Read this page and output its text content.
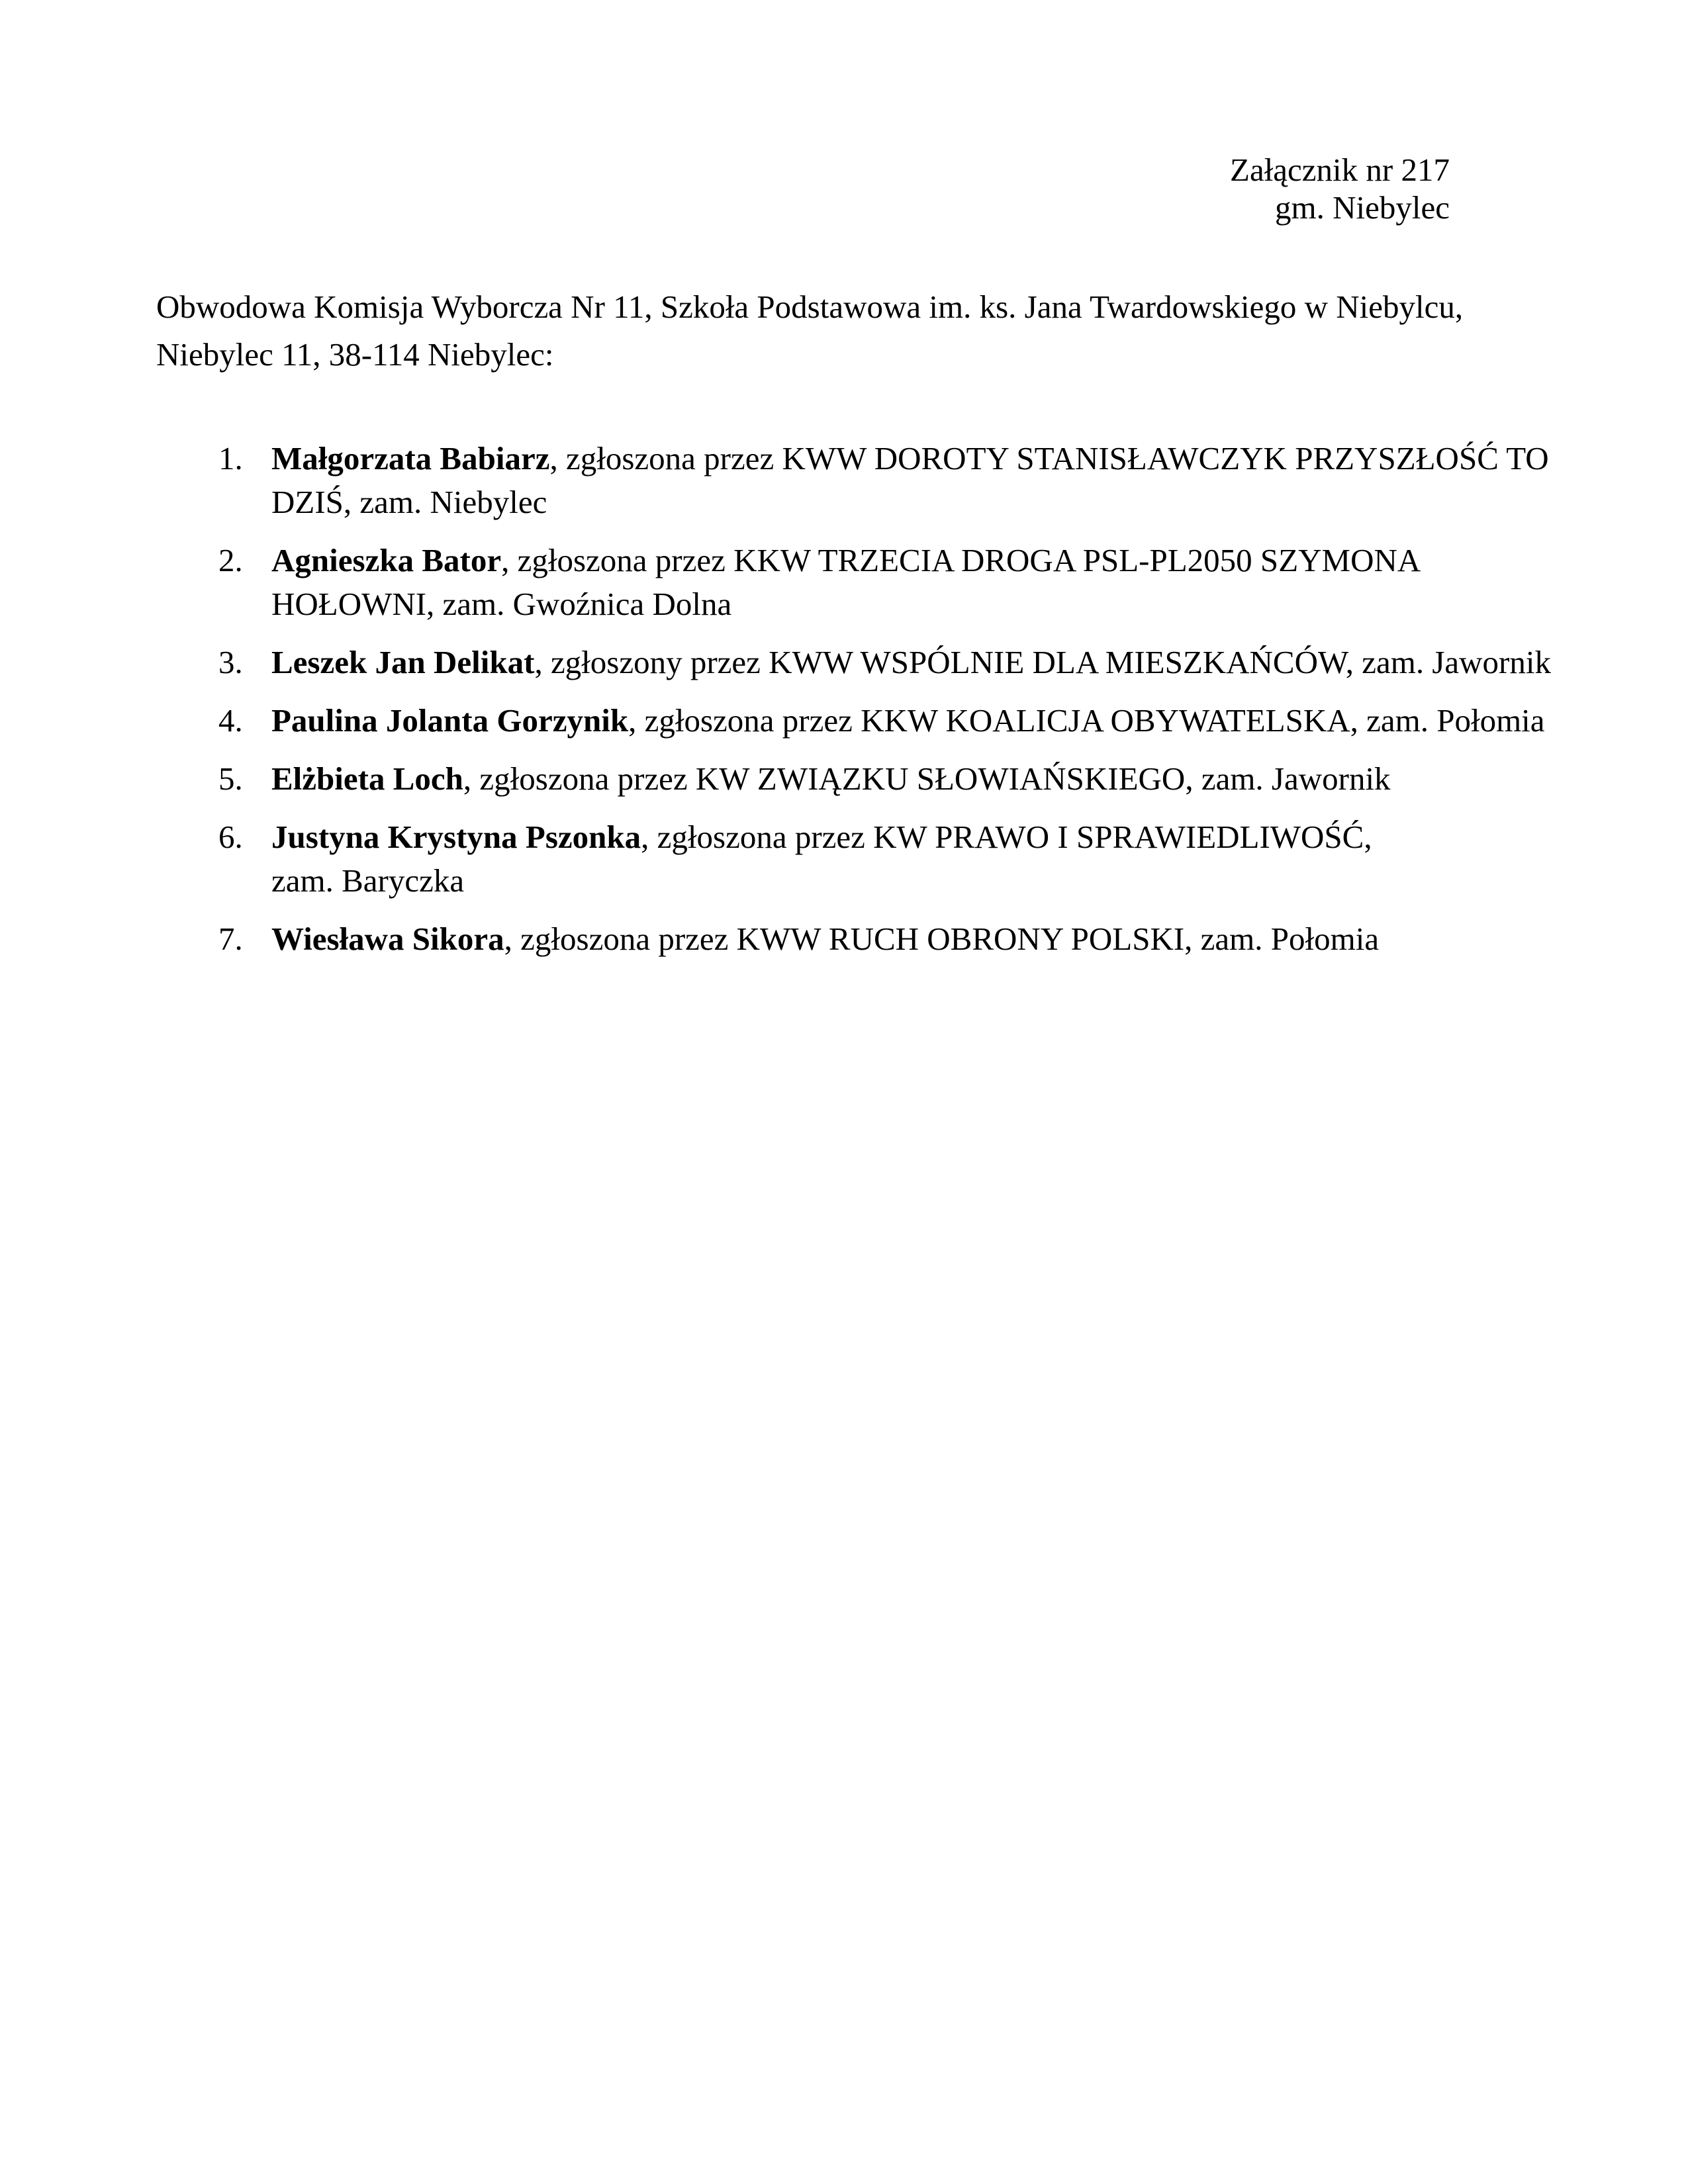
Załącznik nr 217
gm. Niebylec
Obwodowa Komisja Wyborcza Nr 11, Szkoła Podstawowa im. ks. Jana Twardowskiego w Niebylcu,
Niebylec 11, 38-114 Niebylec:
1. Małgorzata Babiarz, zgłoszona przez KWW DOROTY STANISŁAWCZYK PRZYSZŁOŚĆ TO
DZIŚ, zam. Niebylec
2. Agnieszka Bator, zgłoszona przez KKW TRZECIA DROGA PSL-PL2050 SZYMONA
HOŁOWNI, zam. Gwoźnica Dolna
3. Leszek Jan Delikat, zgłoszony przez KWW WSPÓLNIE DLA MIESZKAŃCÓW, zam. Jawornik
4. Paulina Jolanta Gorzynik, zgłoszona przez KKW KOALICJA OBYWATELSKA, zam. Połomia
5. Elżbieta Loch, zgłoszona przez KW ZWIĄZKU SŁOWIAŃSKIEGO, zam. Jawornik
6. Justyna Krystyna Pszonka, zgłoszona przez KW PRAWO I SPRAWIEDLIWOŚĆ,
zam. Baryczka
7. Wiesława Sikora, zgłoszona przez KWW RUCH OBRONY POLSKI, zam. Połomia
